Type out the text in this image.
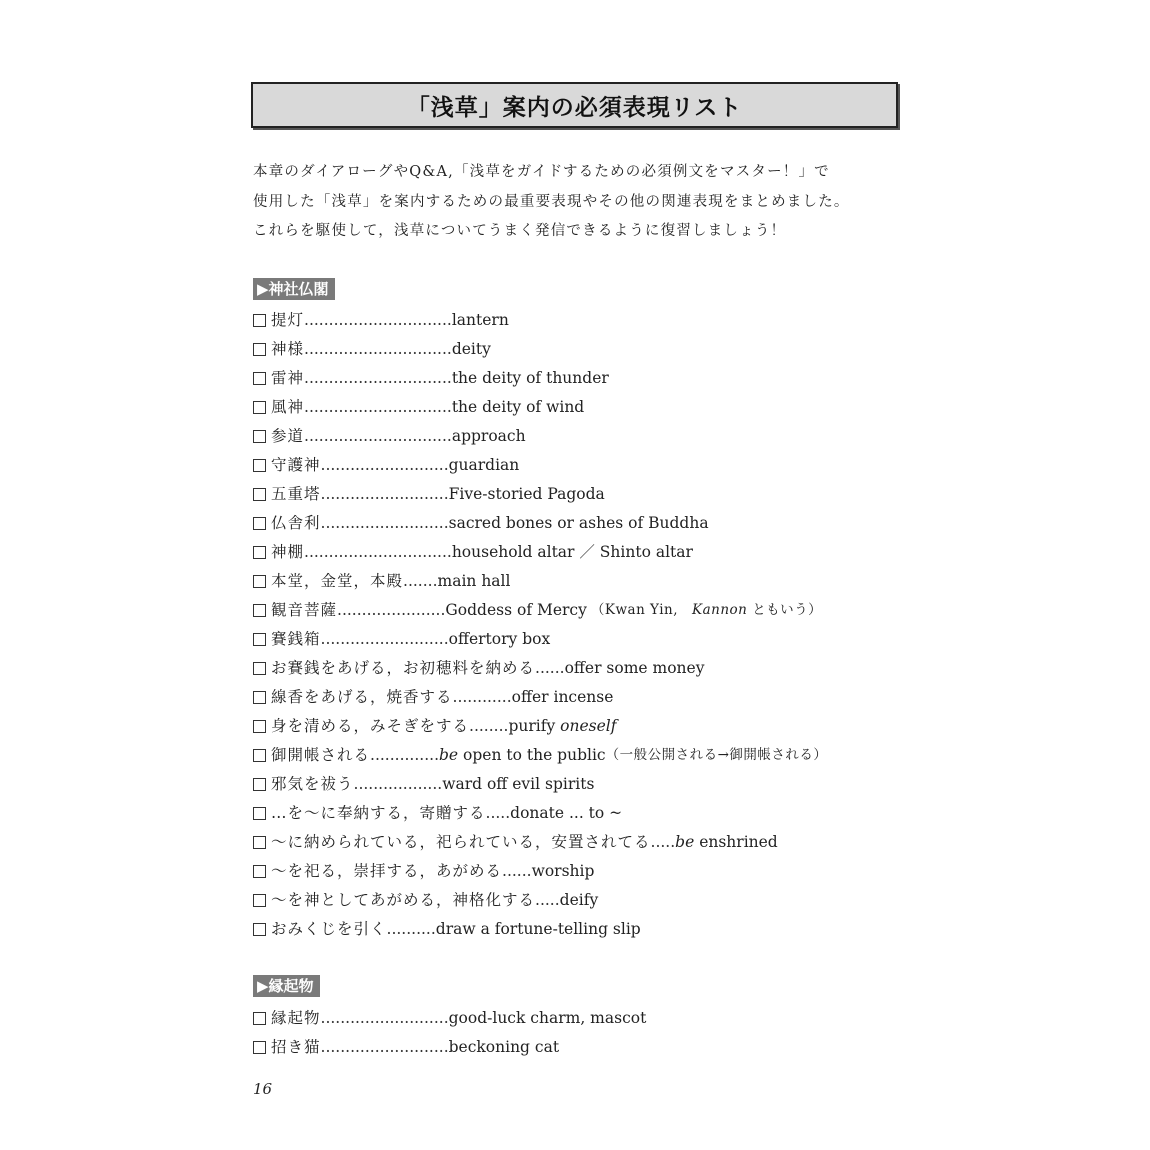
「浅草」案内の必須表現リスト

本章のダイアローグやQ&A,「浅草をガイドするための必須例文をマスター！」で

使用した「浅草」を案内するための最重要表現やその他の関連表現をまとめました。

これらを駆使して，浅草についてうまく発信できるように復習しましょう！

▶神社仏閣
提灯 .............................. lantern
神様 .............................. deity
雷神 .............................. the deity of thunder
風神 .............................. the deity of wind
参道 .............................. approach
守護神 .......................... guardian
五重塔 .......................... Five-storied Pagoda
仏舎利 .......................... sacred bones or ashes of Buddha
神棚 .............................. household altar ／ Shinto altar
本堂，金堂，本殿 ....... main hall
観音菩薩 ...................... Goddess of Mercy （Kwan Yin,  Kannon ともいう）
賽銭箱 .......................... offertory box
お賽銭をあげる，お初穂料を納める ...... offer some money
線香をあげる，焼香する ............ offer incense
身を清める，みそぎをする ........ purify oneself
御開帳される .............. be open to the public （一般公開される→御開帳される）
邪気を祓う .................. ward off evil spirits
…を～に奉納する，寄贈する ..... donate ... to ~
～に納められている，祀られている，安置されてる ..... be enshrined
～を祀る，崇拝する，あがめる ...... worship
～を神としてあがめる，神格化する ..... deify
おみくじを引く .......... draw a fortune-telling slip
▶縁起物
縁起物 .......................... good-luck charm, mascot
招き猫 .......................... beckoning cat
16
